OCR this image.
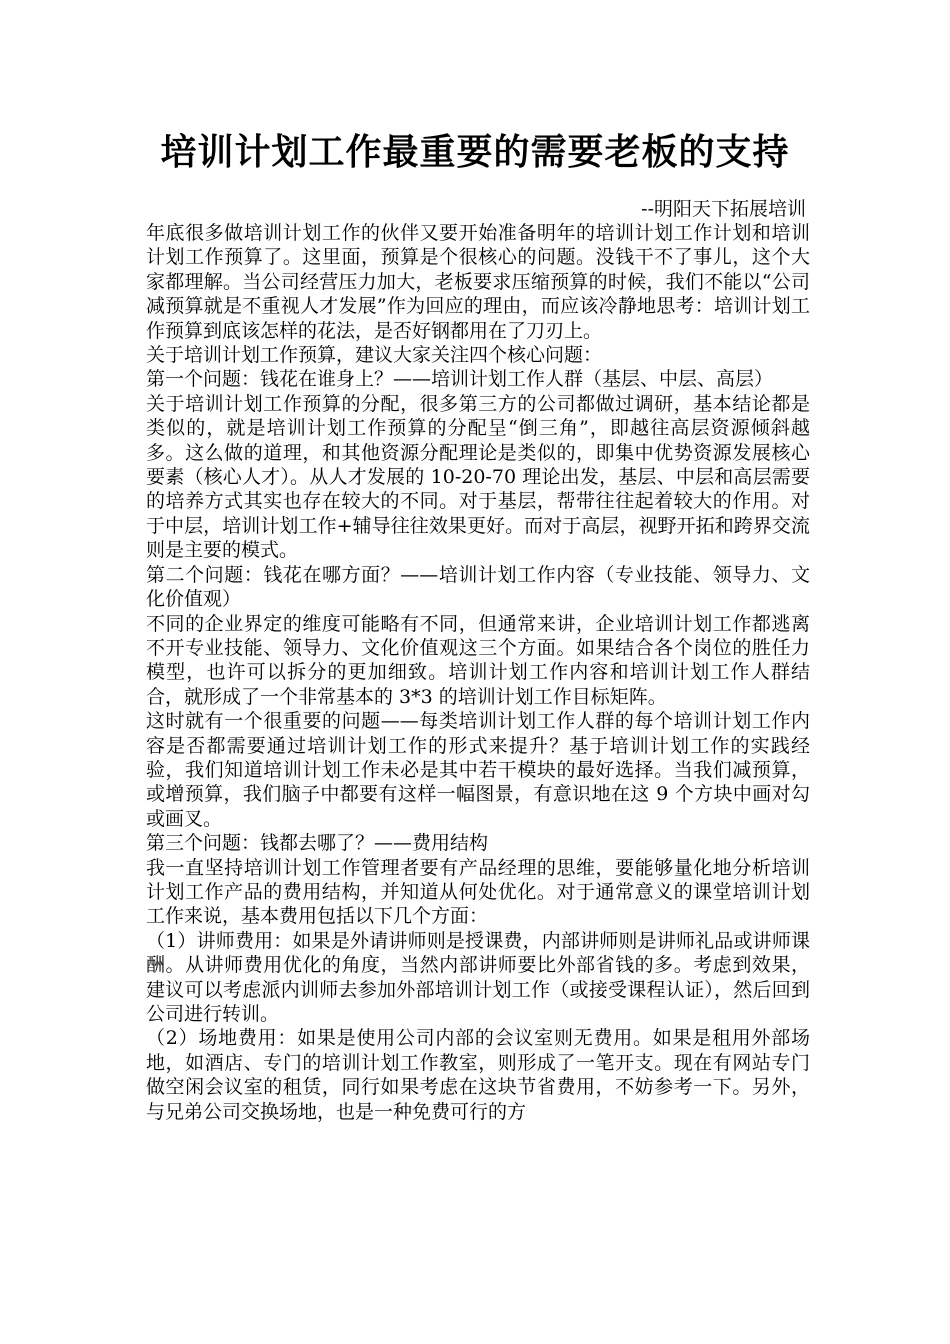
培训计划工作最重要的需要老板的支持

--明阳天下拓展培训

年底很多做培训计划工作的伙伴又要开始准备明年的培训计划工作计划和培训计划工作预算了。这里面，预算是个很核心的问题。没钱干不了事儿，这个大家都理解。当公司经营压力加大，老板要求压缩预算的时候，我们不能以“公司减预算就是不重视人才发展”作为回应的理由，而应该冷静地思考：培训计划工作预算到底该怎样的花法，是否好钢都用在了刀刃上。

关于培训计划工作预算，建议大家关注四个核心问题：

第一个问题：钱花在谁身上？——培训计划工作人群（基层、中层、高层）

关于培训计划工作预算的分配，很多第三方的公司都做过调研，基本结论都是类似的，就是培训计划工作预算的分配呈“倒三角”，即越往高层资源倾斜越多。这么做的道理，和其他资源分配理论是类似的，即集中优势资源发展核心要素（核心人才）。从人才发展的 10-20-70 理论出发，基层、中层和高层需要的培养方式其实也存在较大的不同。对于基层，帮带往往起着较大的作用。对于中层，培训计划工作+辅导往往效果更好。而对于高层，视野开拓和跨界交流则是主要的模式。

第二个问题：钱花在哪方面？——培训计划工作内容（专业技能、领导力、文化价值观）

不同的企业界定的维度可能略有不同，但通常来讲，企业培训计划工作都逃离不开专业技能、领导力、文化价值观这三个方面。如果结合各个岗位的胜任力模型，也许可以拆分的更加细致。培训计划工作内容和培训计划工作人群结合，就形成了一个非常基本的 3*3 的培训计划工作目标矩阵。

这时就有一个很重要的问题——每类培训计划工作人群的每个培训计划工作内容是否都需要通过培训计划工作的形式来提升？基于培训计划工作的实践经验，我们知道培训计划工作未必是其中若干模块的最好选择。当我们减预算，或增预算，我们脑子中都要有这样一幅图景，有意识地在这 9 个方块中画对勾或画叉。

第三个问题：钱都去哪了？——费用结构

我一直坚持培训计划工作管理者要有产品经理的思维，要能够量化地分析培训计划工作产品的费用结构，并知道从何处优化。对于通常意义的课堂培训计划工作来说，基本费用包括以下几个方面：

（1）讲师费用：如果是外请讲师则是授课费，内部讲师则是讲师礼品或讲师课酬。从讲师费用优化的角度，当然内部讲师要比外部省钱的多。考虑到效果，建议可以考虑派内训师去参加外部培训计划工作（或接受课程认证），然后回到公司进行转训。

（2）场地费用：如果是使用公司内部的会议室则无费用。如果是租用外部场地，如酒店、专门的培训计划工作教室，则形成了一笔开支。现在有网站专门做空闲会议室的租赁，同行如果考虑在这块节省费用，不妨参考一下。另外，与兄弟公司交换场地，也是一种免费可行的方
